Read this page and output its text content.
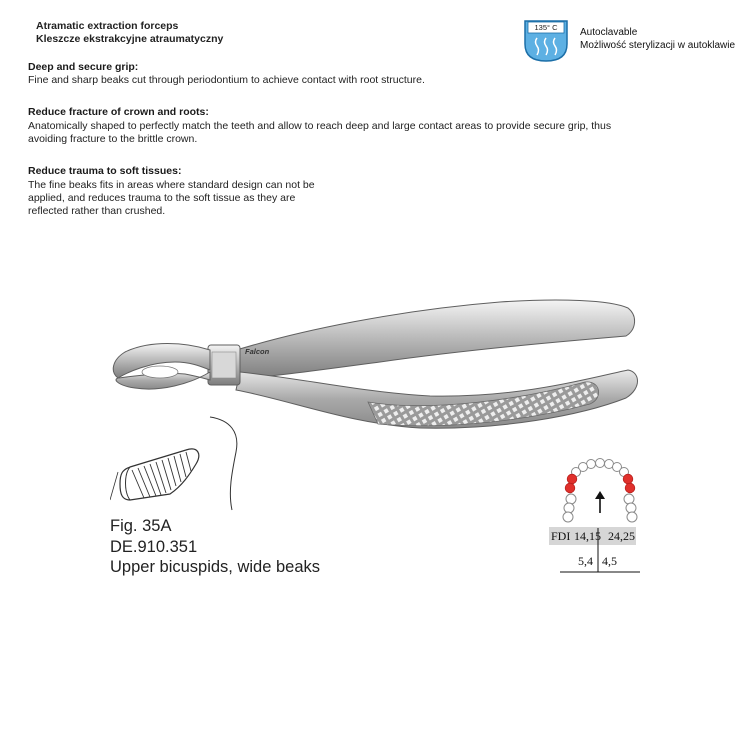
Atramatic extraction forceps
Kleszcze ekstrakcyjne atraumatyczny
135° C	Autoclavable
Możliwość sterylizacji w autoklawie
Deep and secure grip:
Fine and sharp beaks cut through periodontium to achieve contact with root structure.
Reduce fracture of crown and roots:
Anatomically shaped to perfectly match the teeth and allow to reach deep and large contact areas to provide secure grip, thus
avoiding fracture to the brittle crown.
Reduce trauma to soft tissues:
The fine beaks fits in areas where standard design can not be
applied, and reduces trauma to the soft tissue as they are
reflected rather than crushed.
Falcon
Fig. 35A
DE.910.351
Upper bicuspids, wide beaks
FDI 14,15 24,25
5,4 4,5
